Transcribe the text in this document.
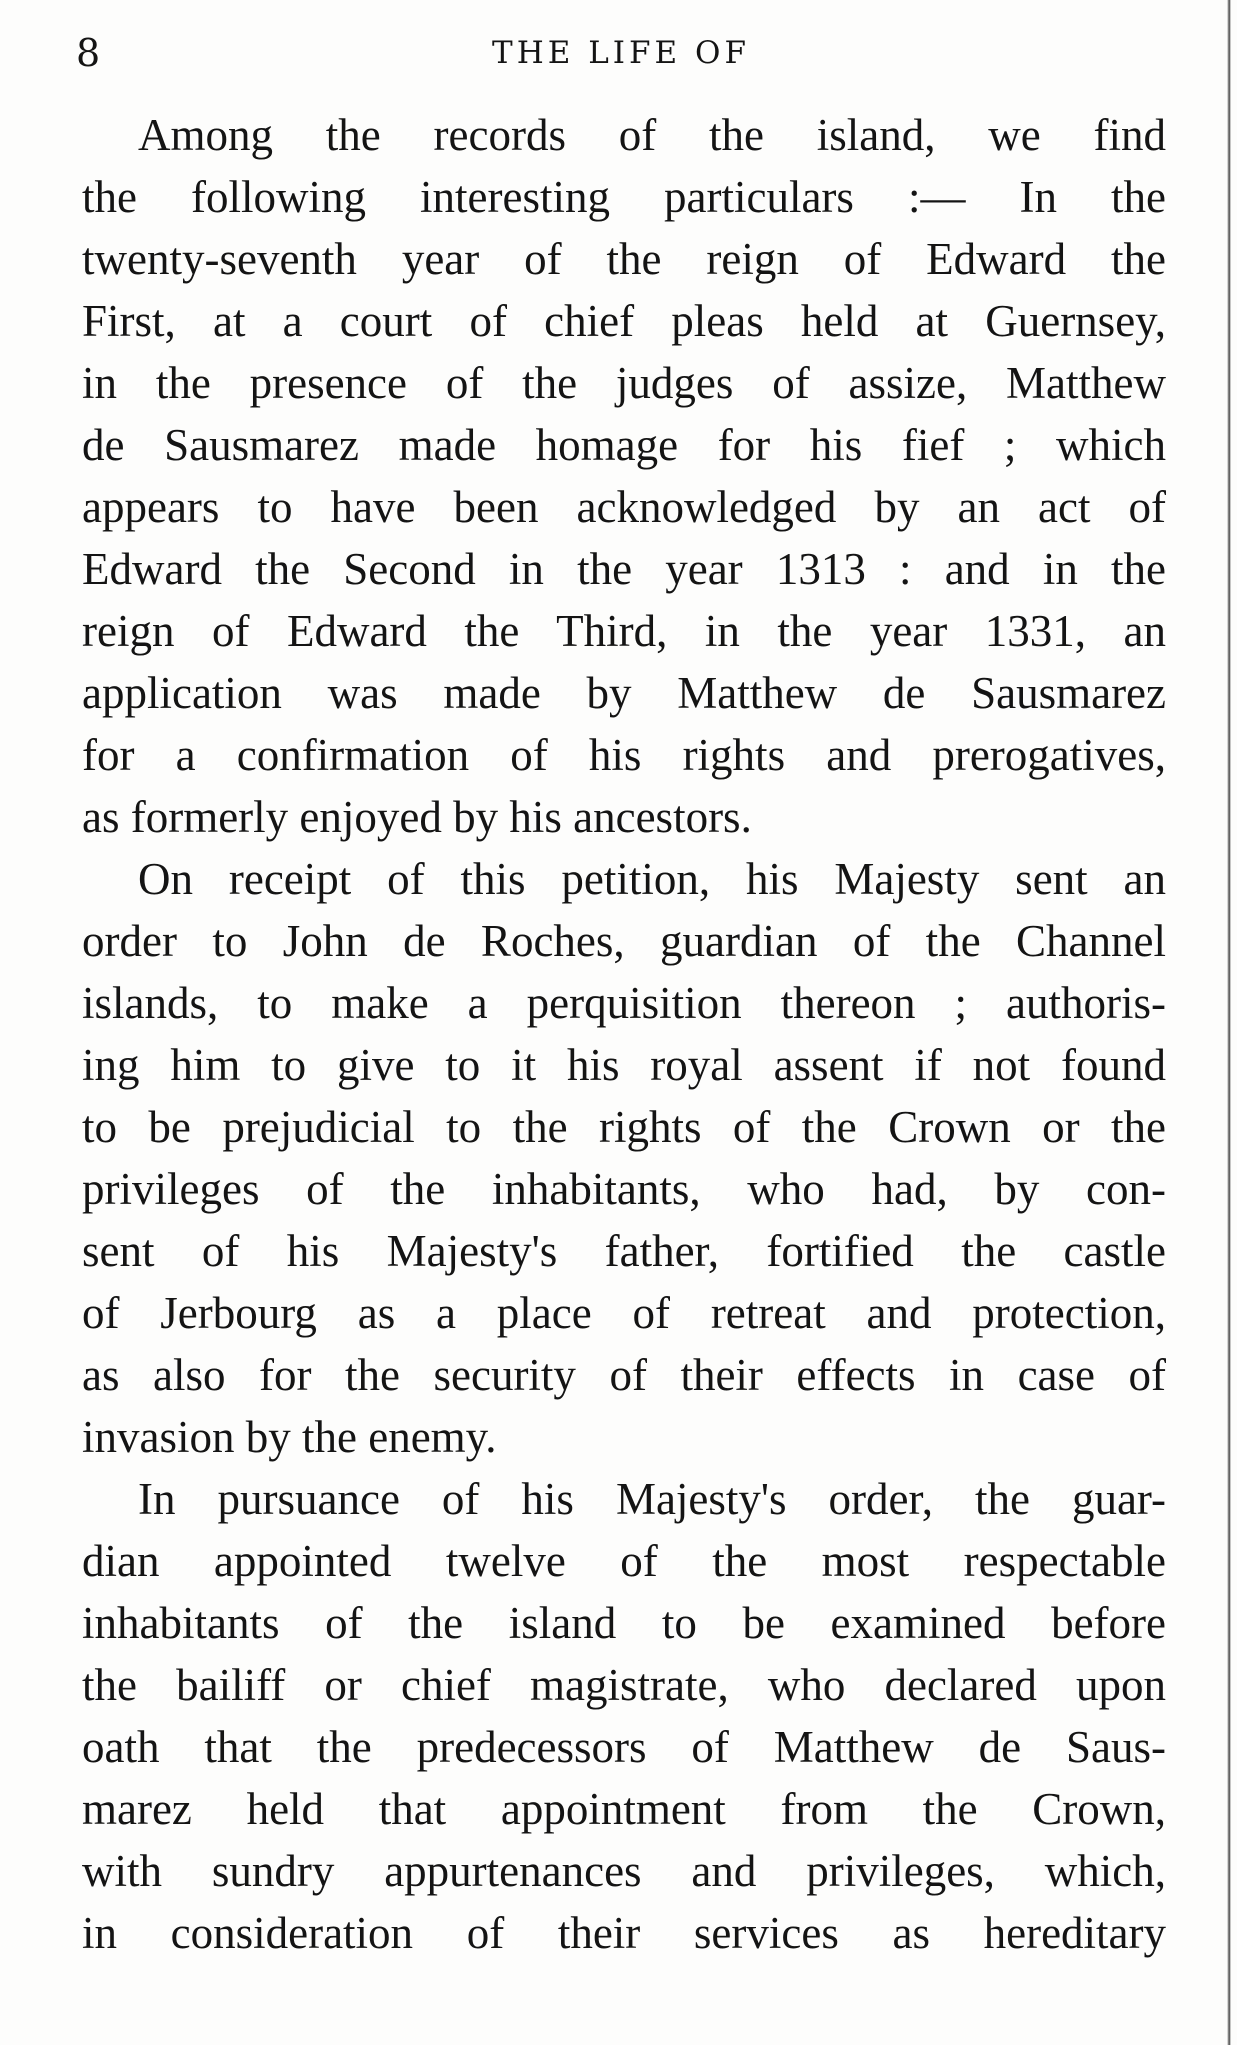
8	THE LIFE OF
Among the records of the island, we find
the following interesting particulars :— In the
twenty-seventh year of the reign of Edward the
First, at a court of chief pleas held at Guernsey,
in the presence of the judges of assize, Matthew
de Sausmarez made homage for his fief ; which
appears to have been acknowledged by an act of
Edward the Second in the year 1313 : and in the
reign of Edward the Third, in the year 1331, an
application was made by Matthew de Sausmarez
for a confirmation of his rights and prerogatives,
as formerly enjoyed by his ancestors.
On receipt of this petition, his Majesty sent an
order to John de Roches, guardian of the Channel
islands, to make a perquisition thereon ; authoris-
ing him to give to it his royal assent if not found
to be prejudicial to the rights of the Crown or the
privileges of the inhabitants, who had, by con-
sent of his Majesty's father, fortified the castle
of Jerbourg as a place of retreat and protection,
as also for the security of their effects in case of
invasion by the enemy.
In pursuance of his Majesty's order, the guar-
dian appointed twelve of the most respectable
inhabitants of the island to be examined before
the bailiff or chief magistrate, who declared upon
oath that the predecessors of Matthew de Saus-
marez held that appointment from the Crown,
with sundry appurtenances and privileges, which,
in consideration of their services as hereditary
